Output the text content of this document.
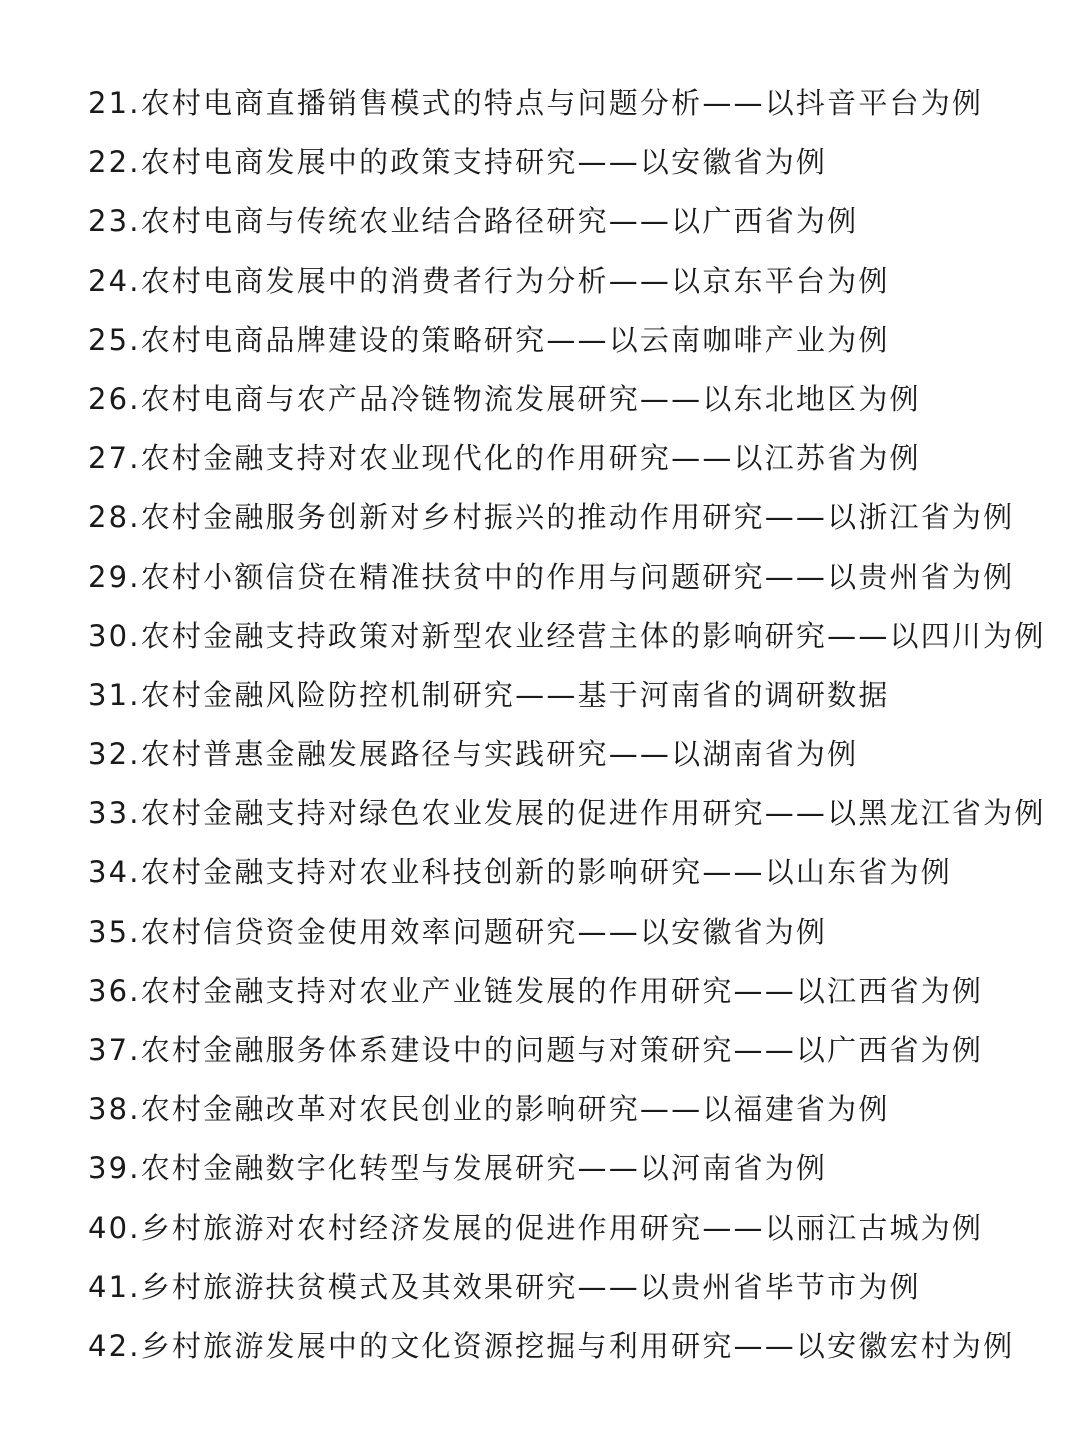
21.农村电商直播销售模式的特点与问题分析——以抖音平台为例
22.农村电商发展中的政策支持研究——以安徽省为例
23.农村电商与传统农业结合路径研究——以广西省为例
24.农村电商发展中的消费者行为分析——以京东平台为例
25.农村电商品牌建设的策略研究——以云南咖啡产业为例
26.农村电商与农产品冷链物流发展研究——以东北地区为例
27.农村金融支持对农业现代化的作用研究——以江苏省为例
28.农村金融服务创新对乡村振兴的推动作用研究——以浙江省为例
29.农村小额信贷在精准扶贫中的作用与问题研究——以贵州省为例
30.农村金融支持政策对新型农业经营主体的影响研究——以四川为例
31.农村金融风险防控机制研究——基于河南省的调研数据
32.农村普惠金融发展路径与实践研究——以湖南省为例
33.农村金融支持对绿色农业发展的促进作用研究——以黑龙江省为例
34.农村金融支持对农业科技创新的影响研究——以山东省为例
35.农村信贷资金使用效率问题研究——以安徽省为例
36.农村金融支持对农业产业链发展的作用研究——以江西省为例
37.农村金融服务体系建设中的问题与对策研究——以广西省为例
38.农村金融改革对农民创业的影响研究——以福建省为例
39.农村金融数字化转型与发展研究——以河南省为例
40.乡村旅游对农村经济发展的促进作用研究——以丽江古城为例
41.乡村旅游扶贫模式及其效果研究——以贵州省毕节市为例
42.乡村旅游发展中的文化资源挖掘与利用研究——以安徽宏村为例
